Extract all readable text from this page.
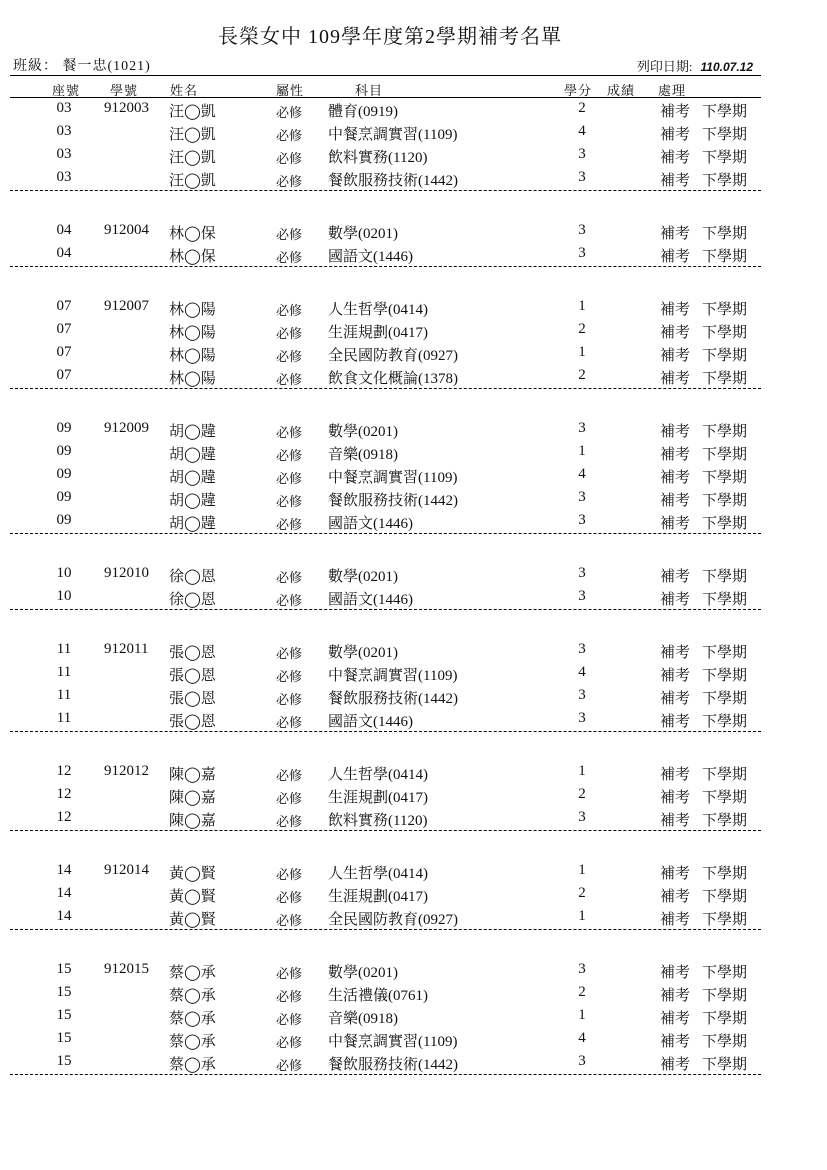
長榮女中 109學年度第2學期補考名單
班級： 餐一忠(1021)	列印日期: 110.07.12
座號 學號 姓名	屬性	科目	學分 成績 處理
03	912003 汪◯凱	必修 體育(0919)	2	補考 下學期
03	汪◯凱	必修 中餐烹調實習(1109)	4	補考 下學期
03	汪◯凱	必修 飲料實務(1120)	3	補考 下學期
03	汪◯凱	必修 餐飲服務技術(1442)	3	補考 下學期
04	912004 林◯保	必修 數學(0201)	3	補考 下學期
04	林◯保	必修 國語文(1446)	3	補考 下學期
07	912007 林◯陽	必修 人生哲學(0414)	1	補考 下學期
07	林◯陽	必修 生涯規劃(0417)	2	補考 下學期
07	林◯陽	必修 全民國防教育(0927)	1	補考 下學期
07	林◯陽	必修 飲食文化概論(1378)	2	補考 下學期
09	912009 胡◯韙	必修 數學(0201)	3	補考 下學期
09	胡◯韙	必修 音樂(0918)	1	補考 下學期
09	胡◯韙	必修 中餐烹調實習(1109)	4	補考 下學期
09	胡◯韙	必修 餐飲服務技術(1442)	3	補考 下學期
09	胡◯韙	必修 國語文(1446)	3	補考 下學期
10	912010 徐◯恩	必修 數學(0201)	3	補考 下學期
10	徐◯恩	必修 國語文(1446)	3	補考 下學期
11	912011 張◯恩	必修 數學(0201)	3	補考 下學期
11	張◯恩	必修 中餐烹調實習(1109)	4	補考 下學期
11	張◯恩	必修 餐飲服務技術(1442)	3	補考 下學期
11	張◯恩	必修 國語文(1446)	3	補考 下學期
12	912012 陳◯嘉	必修 人生哲學(0414)	1	補考 下學期
12	陳◯嘉	必修 生涯規劃(0417)	2	補考 下學期
12	陳◯嘉	必修 飲料實務(1120)	3	補考 下學期
14	912014 黃◯賢	必修 人生哲學(0414)	1	補考 下學期
14	黃◯賢	必修 生涯規劃(0417)	2	補考 下學期
14	黃◯賢	必修 全民國防教育(0927)	1	補考 下學期
15	912015 蔡◯承	必修 數學(0201)	3	補考 下學期
15	蔡◯承	必修 生活禮儀(0761)	2	補考 下學期
15	蔡◯承	必修 音樂(0918)	1	補考 下學期
15	蔡◯承	必修 中餐烹調實習(1109)	4	補考 下學期
15	蔡◯承	必修 餐飲服務技術(1442)	3	補考 下學期
